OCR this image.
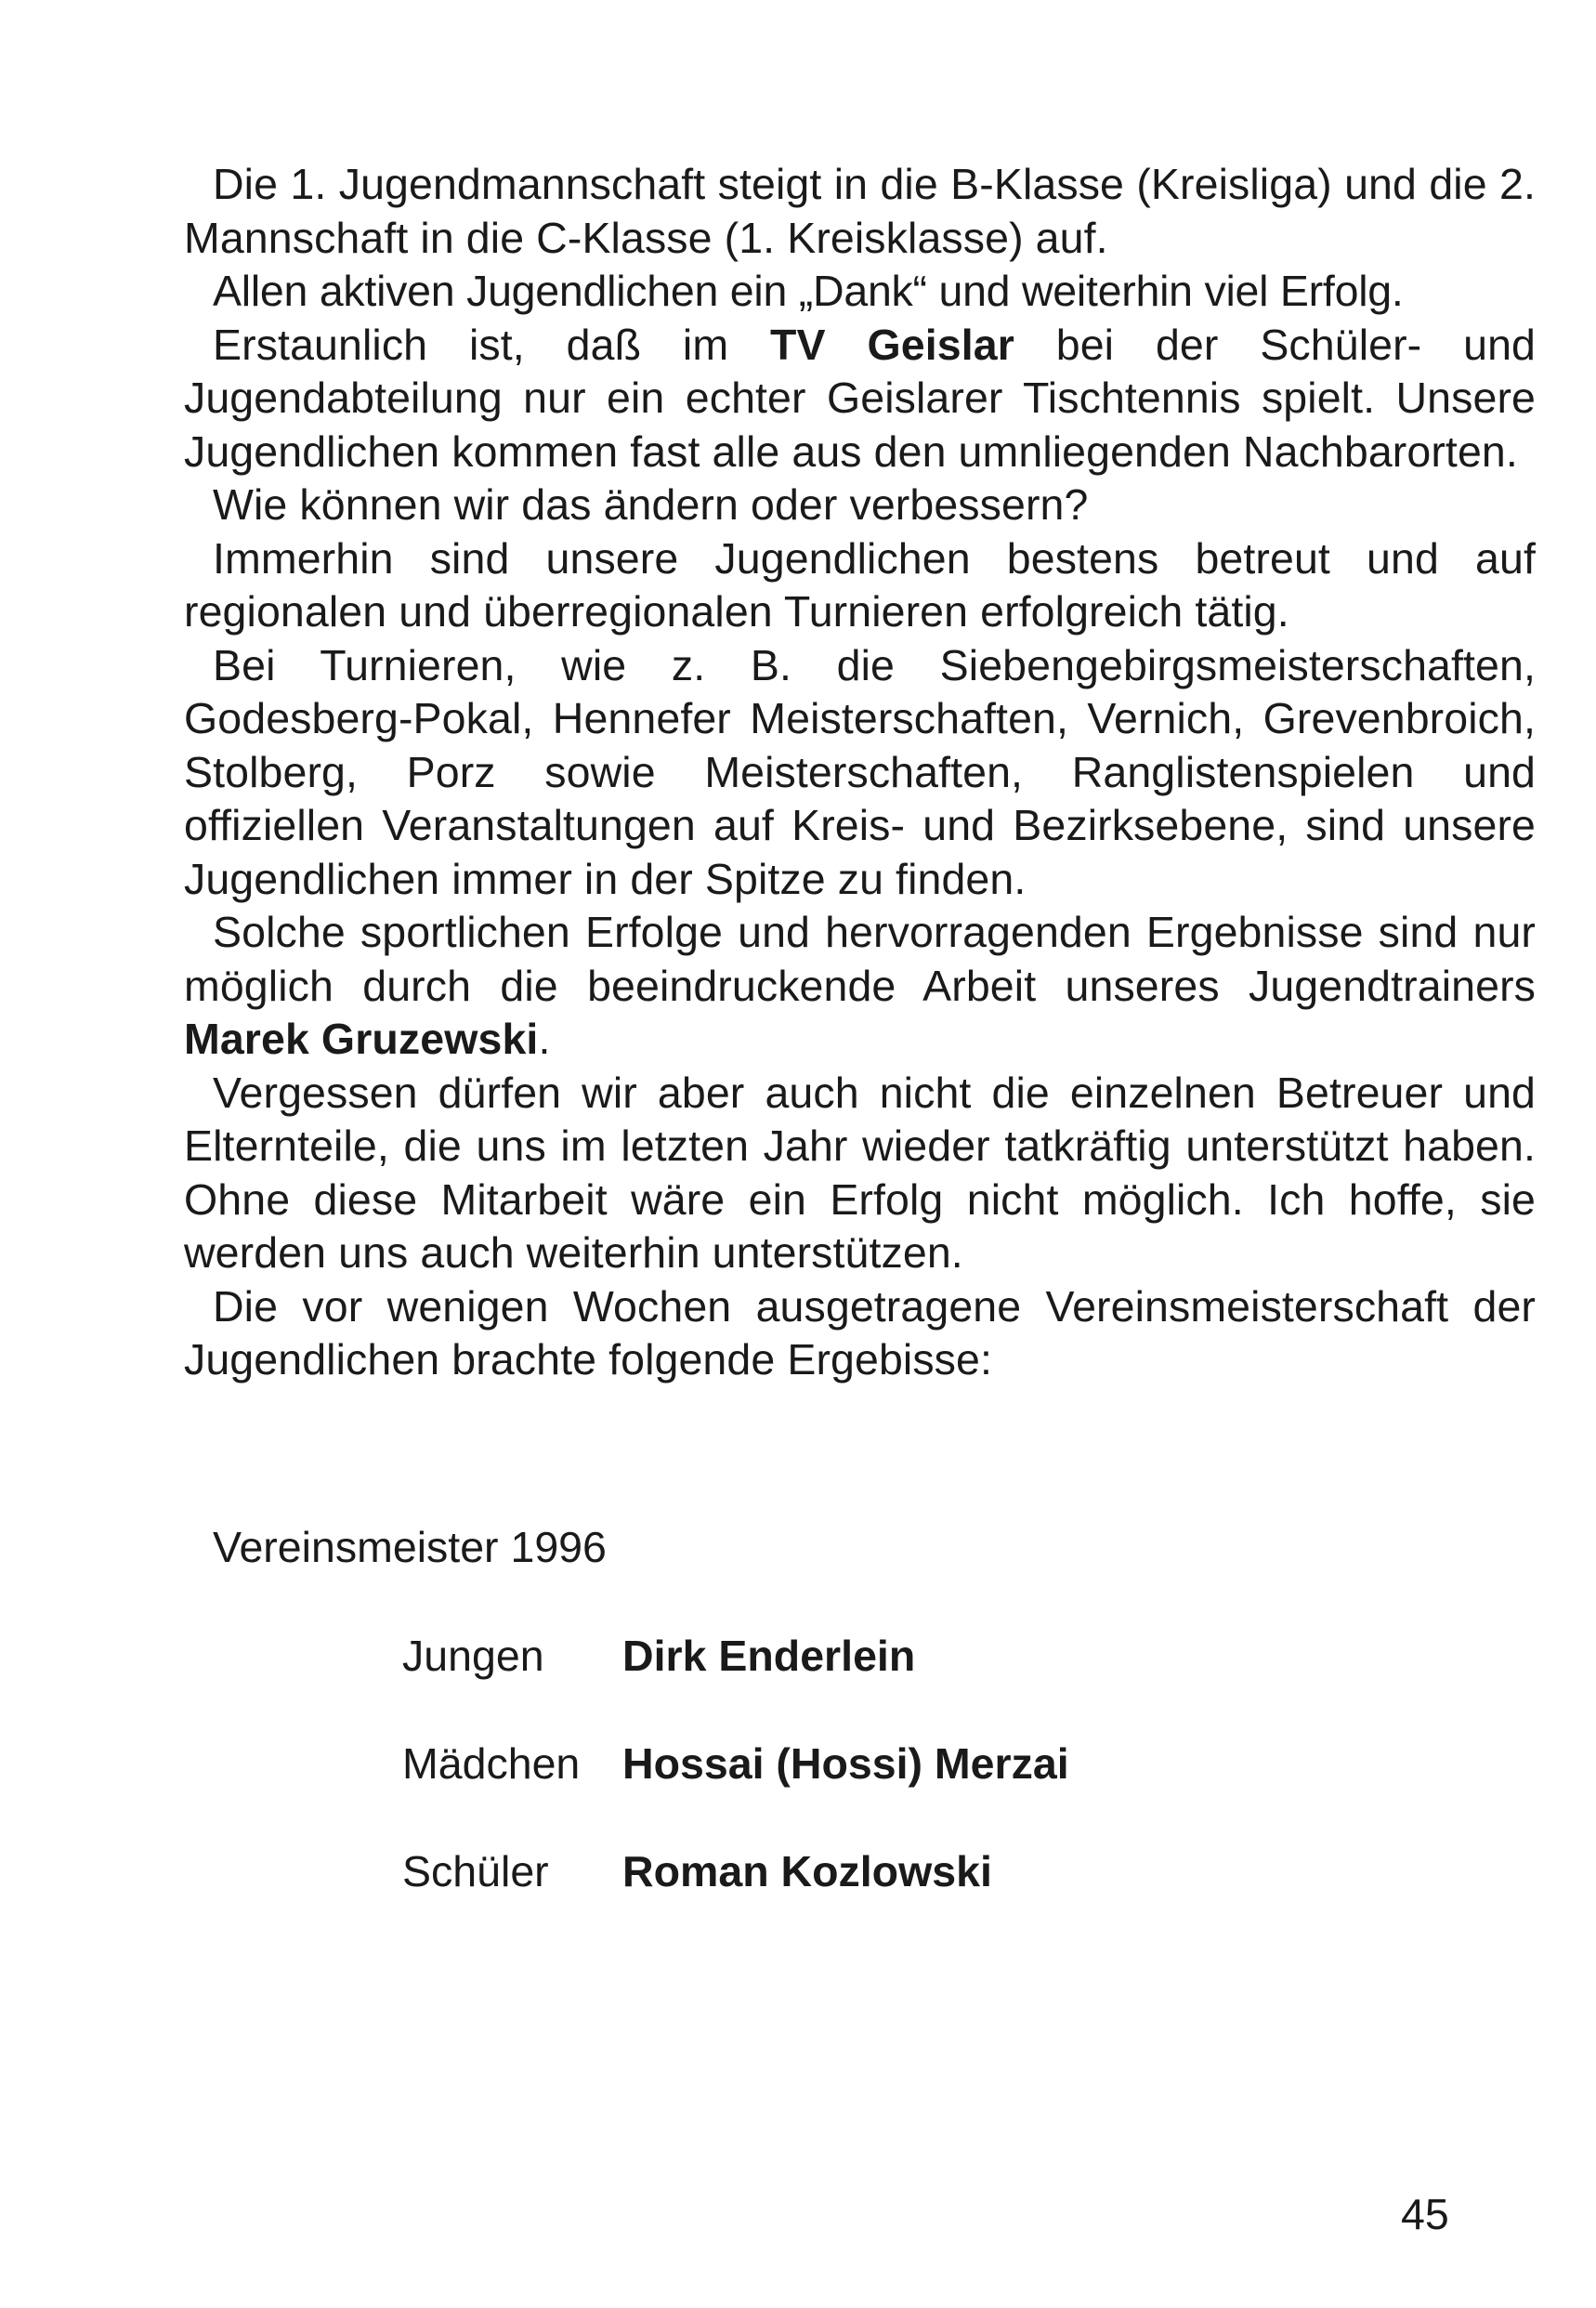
Die 1. Jugendmannschaft steigt in die B-Klasse (Kreisliga) und die 2. Mannschaft in die C-Klasse (1. Kreisklasse) auf.

Allen aktiven Jugendlichen ein „Dank“ und weiterhin viel Erfolg.

Erstaunlich ist, daß im TV Geislar bei der Schüler- und Jugendabteilung nur ein echter Geislarer Tischtennis spielt. Unsere Jugendlichen kommen fast alle aus den umnliegenden Nachbarorten.

Wie können wir das ändern oder verbessern?

Immerhin sind unsere Jugendlichen bestens betreut und auf regionalen und überregionalen Turnieren erfolgreich tätig.

Bei Turnieren, wie z. B. die Siebengebirgsmeisterschaften, Godesberg-Pokal, Hennefer Meisterschaften, Vernich, Grevenbroich, Stolberg, Porz sowie Meisterschaften, Ranglistenspielen und offiziellen Veranstaltungen auf Kreis- und Bezirksebene, sind unsere Jugendlichen immer in der Spitze zu finden.

Solche sportlichen Erfolge und hervorragenden Ergebnisse sind nur möglich durch die beeindruckende Arbeit unseres Jugendtrainers Marek Gruzewski.

Vergessen dürfen wir aber auch nicht die einzelnen Betreuer und Elternteile, die uns im letzten Jahr wieder tatkräftig unterstützt haben. Ohne diese Mitarbeit wäre ein Erfolg nicht möglich. Ich hoffe, sie werden uns auch weiterhin unterstützen.

Die vor wenigen Wochen ausgetragene Vereinsmeisterschaft der Jugendlichen brachte folgende Ergebisse:

Vereinsmeister 1996

Jungen Dirk Enderlein
Mädchen Hossai (Hossi) Merzai
Schüler Roman Kozlowski
45
